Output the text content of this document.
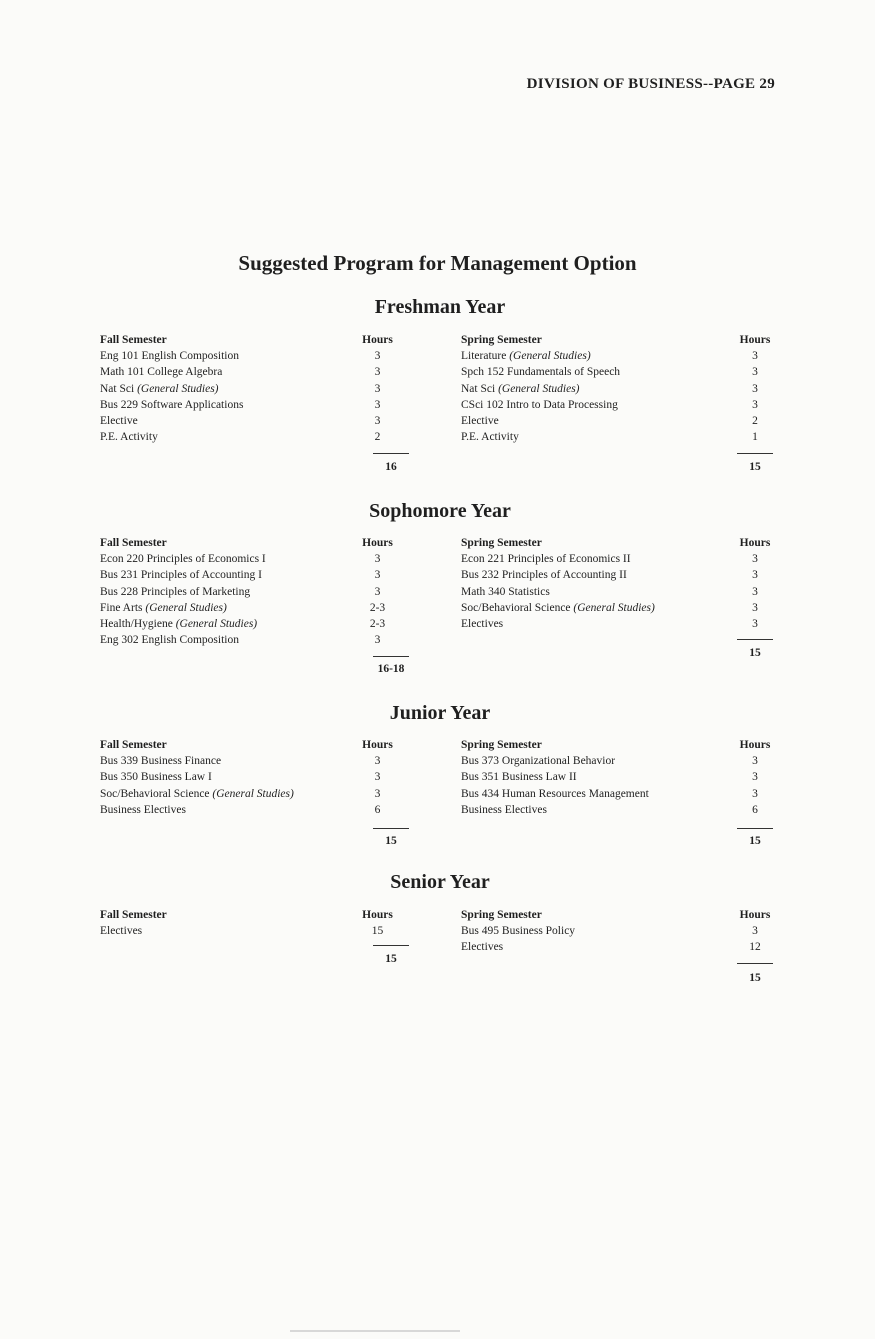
DIVISION OF BUSINESS--PAGE 29
Suggested Program for Management Option
Freshman Year
Fall Semester
Eng 101 English Composition
Math 101 College Algebra
Nat Sci (General Studies)
Bus 229 Software Applications
Elective
P.E. Activity
Hours
3
3
3
3
3
2
Spring Semester
Literature (General Studies)
Spch 152 Fundamentals of Speech
Nat Sci (General Studies)
CSci 102 Intro to Data Processing
Elective
P.E. Activity
Hours
3
3
3
3
2
1
16	15
Sophomore Year
Fall Semester
Econ 220 Principles of Economics I
Bus 231 Principles of Accounting I
Bus 228 Principles of Marketing
Fine Arts (General Studies)
Health/Hygiene (General Studies)
Eng 302 English Composition
Hours
3
3
3
2-3
2-3
3
Spring Semester
Econ 221 Principles of Economics II
Bus 232 Principles of Accounting II
Math 340 Statistics
Soc/Behavioral Science (General Studies)
Electives
Hours
3
3
3
3
3
16-18
15
Junior Year
Fall Semester
Bus 339 Business Finance
Bus 350 Business Law I
Soc/Behavioral Science (General Studies)
Business Electives
Hours
3
3
3
6
Spring Semester
Bus 373 Organizational Behavior
Bus 351 Business Law II
Bus 434 Human Resources Management
Business Electives
Hours
3
3
3
6
15	15
Senior Year
Fall Semester
Electives
Hours
15
Spring Semester
Bus 495 Business Policy
Electives
Hours
3
12
15
15
